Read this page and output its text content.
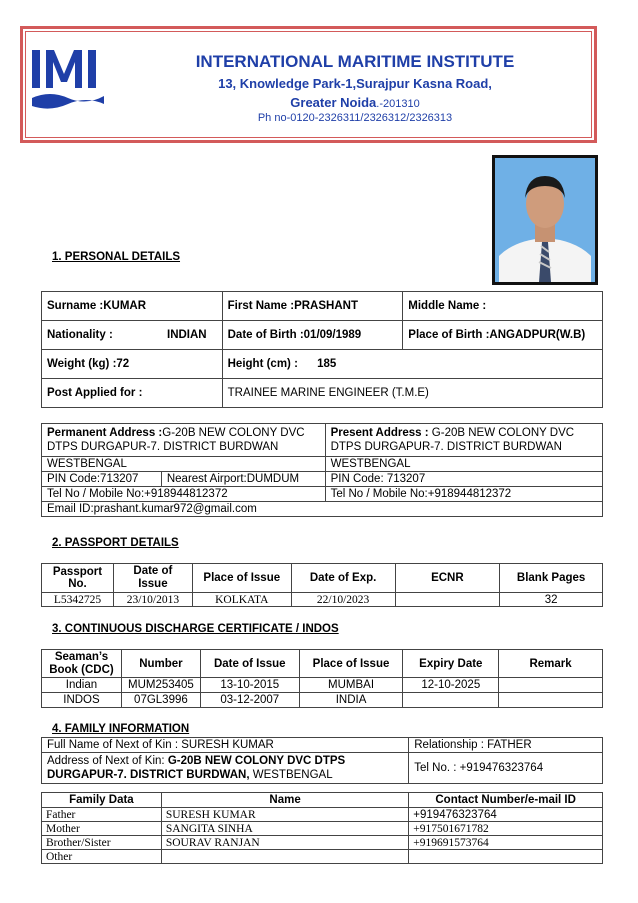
INTERNATIONAL MARITIME INSTITUTE
13, Knowledge Park-1,Surajpur Kasna Road,
Greater Noida.-201310
Ph no-0120-2326311/2326312/2326313
1. PERSONAL DETAILS
Surname :KUMAR	First Name :PRASHANT	Middle Name :
Nationality : INDIAN	Date of Birth :01/09/1989	Place of Birth :ANGADPUR(W.B)
Weight (kg) :72	Height (cm) : 185	
Post Applied for :	TRAINEE MARINE ENGINEER (T.M.E)	
Permanent Address :G-20B NEW COLONY DVC DTPS DURGAPUR-7. DISTRICT BURDWAN		Present Address : G-20B NEW COLONY DVC DTPS DURGAPUR-7. DISTRICT BURDWAN
WESTBENGAL		WESTBENGAL
PIN Code:713207	Nearest Airport:DUMDUM	PIN Code: 713207
Tel No / Mobile No:+918944812372		Tel No / Mobile No:+918944812372
Email ID:prashant.kumar972@gmail.com		
2. PASSPORT DETAILS
Passport No.	Date of Issue	Place of Issue	Date of Exp.	ECNR	Blank Pages
L5342725	23/10/2013	KOLKATA	22/10/2023		32
3. CONTINUOUS DISCHARGE CERTIFICATE / INDOS
Seaman’s Book (CDC)	Number	Date of Issue	Place of Issue	Expiry Date	Remark
Indian	MUM253405	13-10-2015	MUMBAI	12-10-2025	
INDOS	07GL3996	03-12-2007	INDIA		
4. FAMILY INFORMATION
Full Name of Next of Kin : SURESH KUMAR	Relationship : FATHER
Address of Next of Kin: G-20B NEW COLONY DVC DTPS DURGAPUR-7. DISTRICT BURDWAN, WESTBENGAL	Tel No. : +919476323764
Family Data	Name	Contact Number/e-mail ID
Father	SURESH KUMAR	+919476323764
Mother	SANGITA SINHA	+917501671782
Brother/Sister	SOURAV RANJAN	+919691573764
Other		
